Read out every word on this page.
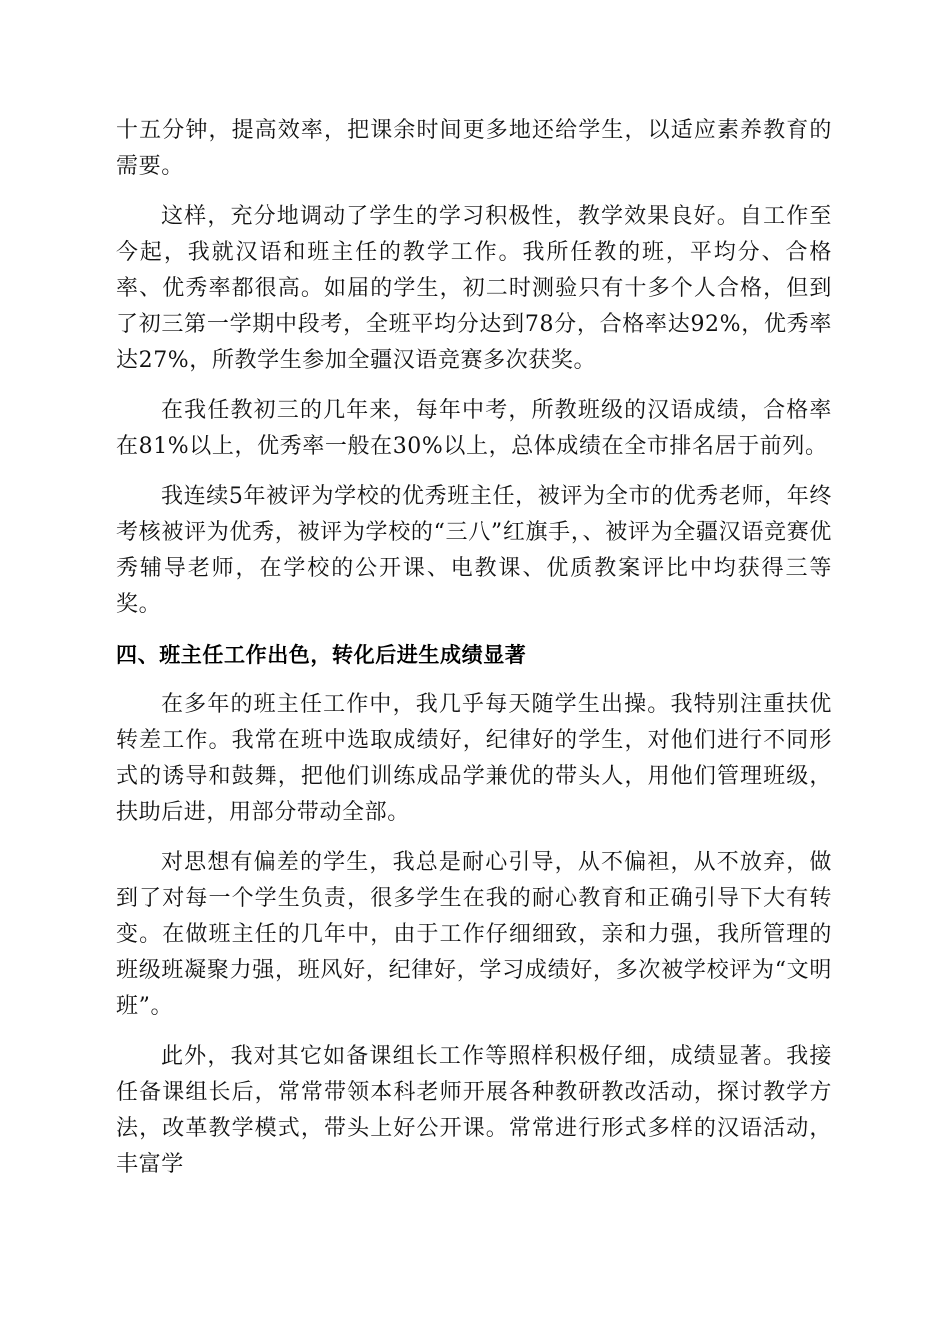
十五分钟，提高效率，把课余时间更多地还给学生，以适应素养教育的需要。

这样，充分地调动了学生的学习积极性，教学效果良好。自工作至今起，我就汉语和班主任的教学工作。我所任教的班，平均分、合格率、优秀率都很高。如届的学生，初二时测验只有十多个人合格，但到了初三第一学期中段考，全班平均分达到78分，合格率达92%，优秀率达27%，所教学生参加全疆汉语竞赛多次获奖。

在我任教初三的几年来，每年中考，所教班级的汉语成绩，合格率在81%以上，优秀率一般在30%以上，总体成绩在全市排名居于前列。

我连续5年被评为学校的优秀班主任，被评为全市的优秀老师，年终考核被评为优秀，被评为学校的“三八”红旗手，、被评为全疆汉语竞赛优秀辅导老师，在学校的公开课、电教课、优质教案评比中均获得三等奖。

四、班主任工作出色，转化后进生成绩显著

在多年的班主任工作中，我几乎每天随学生出操。我特别注重扶优转差工作。我常在班中选取成绩好，纪律好的学生，对他们进行不同形式的诱导和鼓舞，把他们训练成品学兼优的带头人，用他们管理班级，扶助后进，用部分带动全部。

对思想有偏差的学生，我总是耐心引导，从不偏袒，从不放弃，做到了对每一个学生负责，很多学生在我的耐心教育和正确引导下大有转变。在做班主任的几年中，由于工作仔细细致，亲和力强，我所管理的班级班凝聚力强，班风好，纪律好，学习成绩好，多次被学校评为“文明班”。

此外，我对其它如备课组长工作等照样积极仔细，成绩显著。我接任备课组长后，常常带领本科老师开展各种教研教改活动，探讨教学方法，改革教学模式，带头上好公开课。常常进行形式多样的汉语活动，丰富学
